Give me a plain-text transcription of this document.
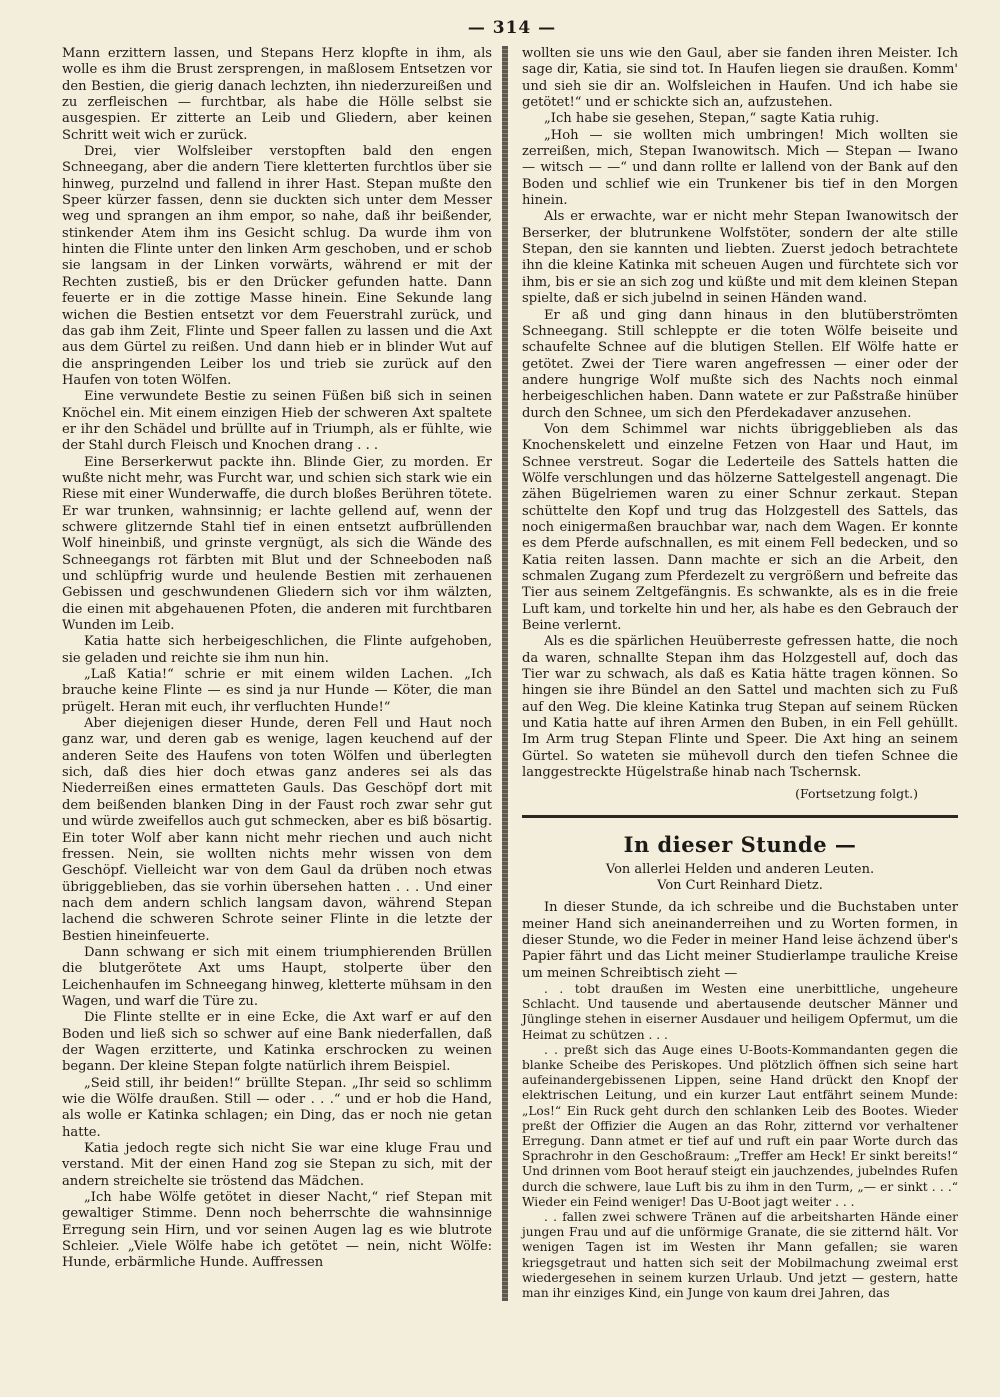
— 314 —

Mann erzittern lassen, und Stepans Herz klopfte in ihm, als wolle es ihm die Brust zersprengen, in maßlosem Entsetzen vor den Bestien, die gierig danach lechzten, ihn niederzureißen und zu zerfleischen — furchtbar, als habe die Hölle selbst sie ausgespien. Er zitterte an Leib und Gliedern, aber keinen Schritt weit wich er zurück.

Drei, vier Wolfsleiber verstopften bald den engen Schneegang, aber die andern Tiere kletterten furchtlos über sie hinweg, purzelnd und fallend in ihrer Hast. Stepan mußte den Speer kürzer fassen, denn sie duckten sich unter dem Messer weg und sprangen an ihm empor, so nahe, daß ihr beißender, stinkender Atem ihm ins Gesicht schlug. Da wurde ihm von hinten die Flinte unter den linken Arm geschoben, und er schob sie langsam in der Linken vorwärts, während er mit der Rechten zustieß, bis er den Drücker gefunden hatte. Dann feuerte er in die zottige Masse hinein. Eine Sekunde lang wichen die Bestien entsetzt vor dem Feuerstrahl zurück, und das gab ihm Zeit, Flinte und Speer fallen zu lassen und die Axt aus dem Gürtel zu reißen. Und dann hieb er in blinder Wut auf die anspringenden Leiber los und trieb sie zurück auf den Haufen von toten Wölfen.

Eine verwundete Bestie zu seinen Füßen biß sich in seinen Knöchel ein. Mit einem einzigen Hieb der schweren Axt spaltete er ihr den Schädel und brüllte auf in Triumph, als er fühlte, wie der Stahl durch Fleisch und Knochen drang . . .

Eine Berserkerwut packte ihn. Blinde Gier, zu morden. Er wußte nicht mehr, was Furcht war, und schien sich stark wie ein Riese mit einer Wunderwaffe, die durch bloßes Berühren tötete. Er war trunken, wahnsinnig; er lachte gellend auf, wenn der schwere glitzernde Stahl tief in einen entsetzt aufbrüllenden Wolf hineinbiß, und grinste vergnügt, als sich die Wände des Schneegangs rot färbten mit Blut und der Schneeboden naß und schlüpfrig wurde und heulende Bestien mit zerhauenen Gebissen und geschwundenen Gliedern sich vor ihm wälzten, die einen mit abgehauenen Pfoten, die anderen mit furchtbaren Wunden im Leib.

Katia hatte sich herbeigeschlichen, die Flinte aufgehoben, sie geladen und reichte sie ihm nun hin.

„Laß Katia!“ schrie er mit einem wilden Lachen. „Ich brauche keine Flinte — es sind ja nur Hunde — Köter, die man prügelt. Heran mit euch, ihr verfluchten Hunde!“

Aber diejenigen dieser Hunde, deren Fell und Haut noch ganz war, und deren gab es wenige, lagen keuchend auf der anderen Seite des Haufens von toten Wölfen und überlegten sich, daß dies hier doch etwas ganz anderes sei als das Niederreißen eines ermatteten Gauls. Das Geschöpf dort mit dem beißenden blanken Ding in der Faust roch zwar sehr gut und würde zweifellos auch gut schmecken, aber es biß bösartig. Ein toter Wolf aber kann nicht mehr riechen und auch nicht fressen. Nein, sie wollten nichts mehr wissen von dem Geschöpf. Vielleicht war von dem Gaul da drüben noch etwas übriggeblieben, das sie vorhin übersehen hatten . . . Und einer nach dem andern schlich langsam davon, während Stepan lachend die schweren Schrote seiner Flinte in die letzte der Bestien hineinfeuerte.

Dann schwang er sich mit einem triumphierenden Brüllen die blutgerötete Axt ums Haupt, stolperte über den Leichenhaufen im Schneegang hinweg, kletterte mühsam in den Wagen, und warf die Türe zu.

Die Flinte stellte er in eine Ecke, die Axt warf er auf den Boden und ließ sich so schwer auf eine Bank niederfallen, daß der Wagen erzitterte, und Katinka erschrocken zu weinen begann. Der kleine Stepan folgte natürlich ihrem Beispiel.

„Seid still, ihr beiden!“ brüllte Stepan. „Ihr seid so schlimm wie die Wölfe draußen. Still — oder . . .“ und er hob die Hand, als wolle er Katinka schlagen; ein Ding, das er noch nie getan hatte.

Katia jedoch regte sich nicht Sie war eine kluge Frau und verstand. Mit der einen Hand zog sie Stepan zu sich, mit der andern streichelte sie tröstend das Mädchen.

„Ich habe Wölfe getötet in dieser Nacht,“ rief Stepan mit gewaltiger Stimme. Denn noch beherrschte die wahnsinnige Erregung sein Hirn, und vor seinen Augen lag es wie blutrote Schleier. „Viele Wölfe habe ich getötet — nein, nicht Wölfe: Hunde, erbärmliche Hunde. Auffressen

wollten sie uns wie den Gaul, aber sie fanden ihren Meister. Ich sage dir, Katia, sie sind tot. In Haufen liegen sie draußen. Komm' und sieh sie dir an. Wolfsleichen in Haufen. Und ich habe sie getötet!“ und er schickte sich an, aufzustehen.

„Ich habe sie gesehen, Stepan,“ sagte Katia ruhig.

„Hoh — sie wollten mich umbringen! Mich wollten sie zerreißen, mich, Stepan Iwanowitsch. Mich — Stepan — Iwano — witsch — —“ und dann rollte er lallend von der Bank auf den Boden und schlief wie ein Trunkener bis tief in den Morgen hinein.

Als er erwachte, war er nicht mehr Stepan Iwanowitsch der Berserker, der blutrunkene Wolfstöter, sondern der alte stille Stepan, den sie kannten und liebten. Zuerst jedoch betrachtete ihn die kleine Katinka mit scheuen Augen und fürchtete sich vor ihm, bis er sie an sich zog und küßte und mit dem kleinen Stepan spielte, daß er sich jubelnd in seinen Händen wand.

Er aß und ging dann hinaus in den blutüberströmten Schneegang. Still schleppte er die toten Wölfe beiseite und schaufelte Schnee auf die blutigen Stellen. Elf Wölfe hatte er getötet. Zwei der Tiere waren angefressen — einer oder der andere hungrige Wolf mußte sich des Nachts noch einmal herbeigeschlichen haben. Dann watete er zur Paßstraße hinüber durch den Schnee, um sich den Pferdekadaver anzusehen.

Von dem Schimmel war nichts übriggeblieben als das Knochenskelett und einzelne Fetzen von Haar und Haut, im Schnee verstreut. Sogar die Lederteile des Sattels hatten die Wölfe verschlungen und das hölzerne Sattelgestell angenagt. Die zähen Bügelriemen waren zu einer Schnur zerkaut. Stepan schüttelte den Kopf und trug das Holzgestell des Sattels, das noch einigermaßen brauchbar war, nach dem Wagen. Er konnte es dem Pferde aufschnallen, es mit einem Fell bedecken, und so Katia reiten lassen. Dann machte er sich an die Arbeit, den schmalen Zugang zum Pferdezelt zu vergrößern und befreite das Tier aus seinem Zeltgefängnis. Es schwankte, als es in die freie Luft kam, und torkelte hin und her, als habe es den Gebrauch der Beine verlernt.

Als es die spärlichen Heuüberreste gefressen hatte, die noch da waren, schnallte Stepan ihm das Holzgestell auf, doch das Tier war zu schwach, als daß es Katia hätte tragen können. So hingen sie ihre Bündel an den Sattel und machten sich zu Fuß auf den Weg. Die kleine Katinka trug Stepan auf seinem Rücken und Katia hatte auf ihren Armen den Buben, in ein Fell gehüllt. Im Arm trug Stepan Flinte und Speer. Die Axt hing an seinem Gürtel. So wateten sie mühevoll durch den tiefen Schnee die langgestreckte Hügelstraße hinab nach Tschernsk.

(Fortsetzung folgt.)
In dieser Stunde —
Von allerlei Helden und anderen Leuten.
Von Curt Reinhard Dietz.

In dieser Stunde, da ich schreibe und die Buchstaben unter meiner Hand sich aneinanderreihen und zu Worten formen, in dieser Stunde, wo die Feder in meiner Hand leise ächzend über's Papier fährt und das Licht meiner Studierlampe trauliche Kreise um meinen Schreibtisch zieht —

. . tobt draußen im Westen eine unerbittliche, ungeheure Schlacht. Und tausende und abertausende deutscher Männer und Jünglinge stehen in eiserner Ausdauer und heiligem Opfermut, um die Heimat zu schützen . . .

. . preßt sich das Auge eines U-Boots-Kommandanten gegen die blanke Scheibe des Periskopes. Und plötzlich öffnen sich seine hart aufeinandergebissenen Lippen, seine Hand drückt den Knopf der elektrischen Leitung, und ein kurzer Laut entfährt seinem Munde: „Los!“ Ein Ruck geht durch den schlanken Leib des Bootes. Wieder preßt der Offizier die Augen an das Rohr, zitternd vor verhaltener Erregung. Dann atmet er tief auf und ruft ein paar Worte durch das Sprachrohr in den Geschoßraum: „Treffer am Heck! Er sinkt bereits!“ Und drinnen vom Boot herauf steigt ein jauchzendes, jubelndes Rufen durch die schwere, laue Luft bis zu ihm in den Turm, „— er sinkt . . .“ Wieder ein Feind weniger! Das U-Boot jagt weiter . . .

. . fallen zwei schwere Tränen auf die arbeitsharten Hände einer jungen Frau und auf die unförmige Granate, die sie zitternd hält. Vor wenigen Tagen ist im Westen ihr Mann gefallen; sie waren kriegsgetraut und hatten sich seit der Mobilmachung zweimal erst wiedergesehen in seinem kurzen Urlaub. Und jetzt — gestern, hatte man ihr einziges Kind, ein Junge von kaum drei Jahren, das
